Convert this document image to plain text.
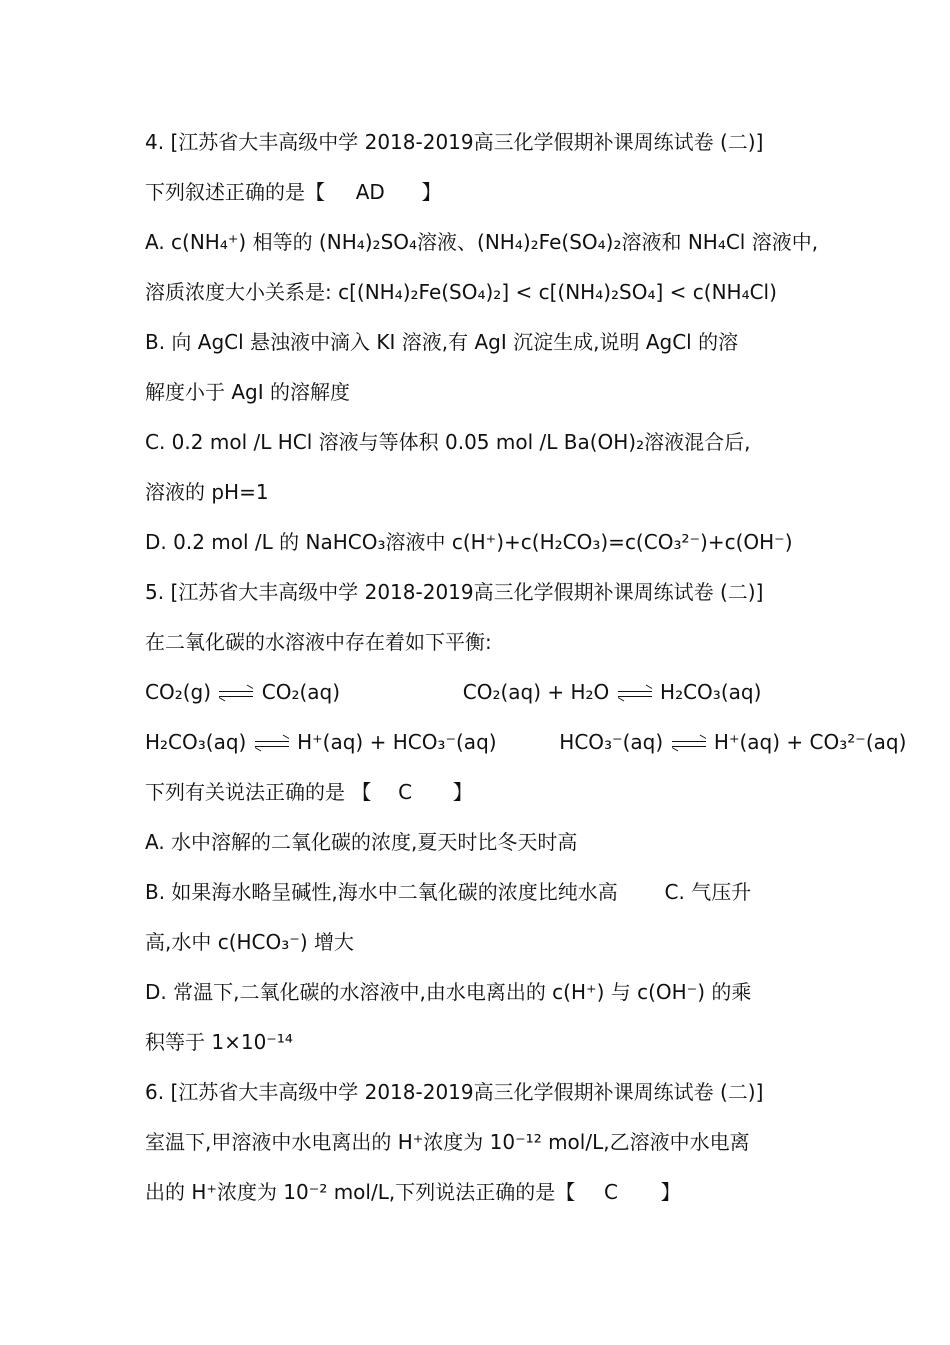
4. [江苏省大丰高级中学 2018-2019高三化学假期补课周练试卷 (二)]
下列叙述正确的是【 AD 】
A. c(NH₄⁺) 相等的 (NH₄)₂SO₄溶液、(NH₄)₂Fe(SO₄)₂溶液和 NH₄Cl 溶液中,
溶质浓度大小关系是: c[(NH₄)₂Fe(SO₄)₂] < c[(NH₄)₂SO₄] < c(NH₄Cl)
B. 向 AgCl 悬浊液中滴入 KI 溶液,有 AgI 沉淀生成,说明 AgCl 的溶
解度小于 AgI 的溶解度
C. 0.2 mol /L HCl 溶液与等体积 0.05 mol /L Ba(OH)₂溶液混合后,
溶液的 pH=1
D. 0.2 mol /L 的 NaHCO₃溶液中 c(H⁺)+c(H₂CO₃)=c(CO₃²⁻)+c(OH⁻)
5. [江苏省大丰高级中学 2018-2019高三化学假期补课周练试卷 (二)]
在二氧化碳的水溶液中存在着如下平衡:
CO₂(g)	CO₂(aq)	CO₂(aq) + H₂O	H₂CO₃(aq)
H₂CO₃(aq)	H⁺(aq) + HCO₃⁻(aq)	HCO₃⁻(aq)	H⁺(aq) + CO₃²⁻(aq)
下列有关说法正确的是 【 C 】
A. 水中溶解的二氧化碳的浓度,夏天时比冬天时高
B. 如果海水略呈碱性,海水中二氧化碳的浓度比纯水高 C. 气压升
高,水中 c(HCO₃⁻) 增大
D. 常温下,二氧化碳的水溶液中,由水电离出的 c(H⁺) 与 c(OH⁻) 的乘
积等于 1×10⁻¹⁴
6. [江苏省大丰高级中学 2018-2019高三化学假期补课周练试卷 (二)]
室温下,甲溶液中水电离出的 H⁺浓度为 10⁻¹² mol/L,乙溶液中水电离
出的 H⁺浓度为 10⁻² mol/L,下列说法正确的是【 C 】
